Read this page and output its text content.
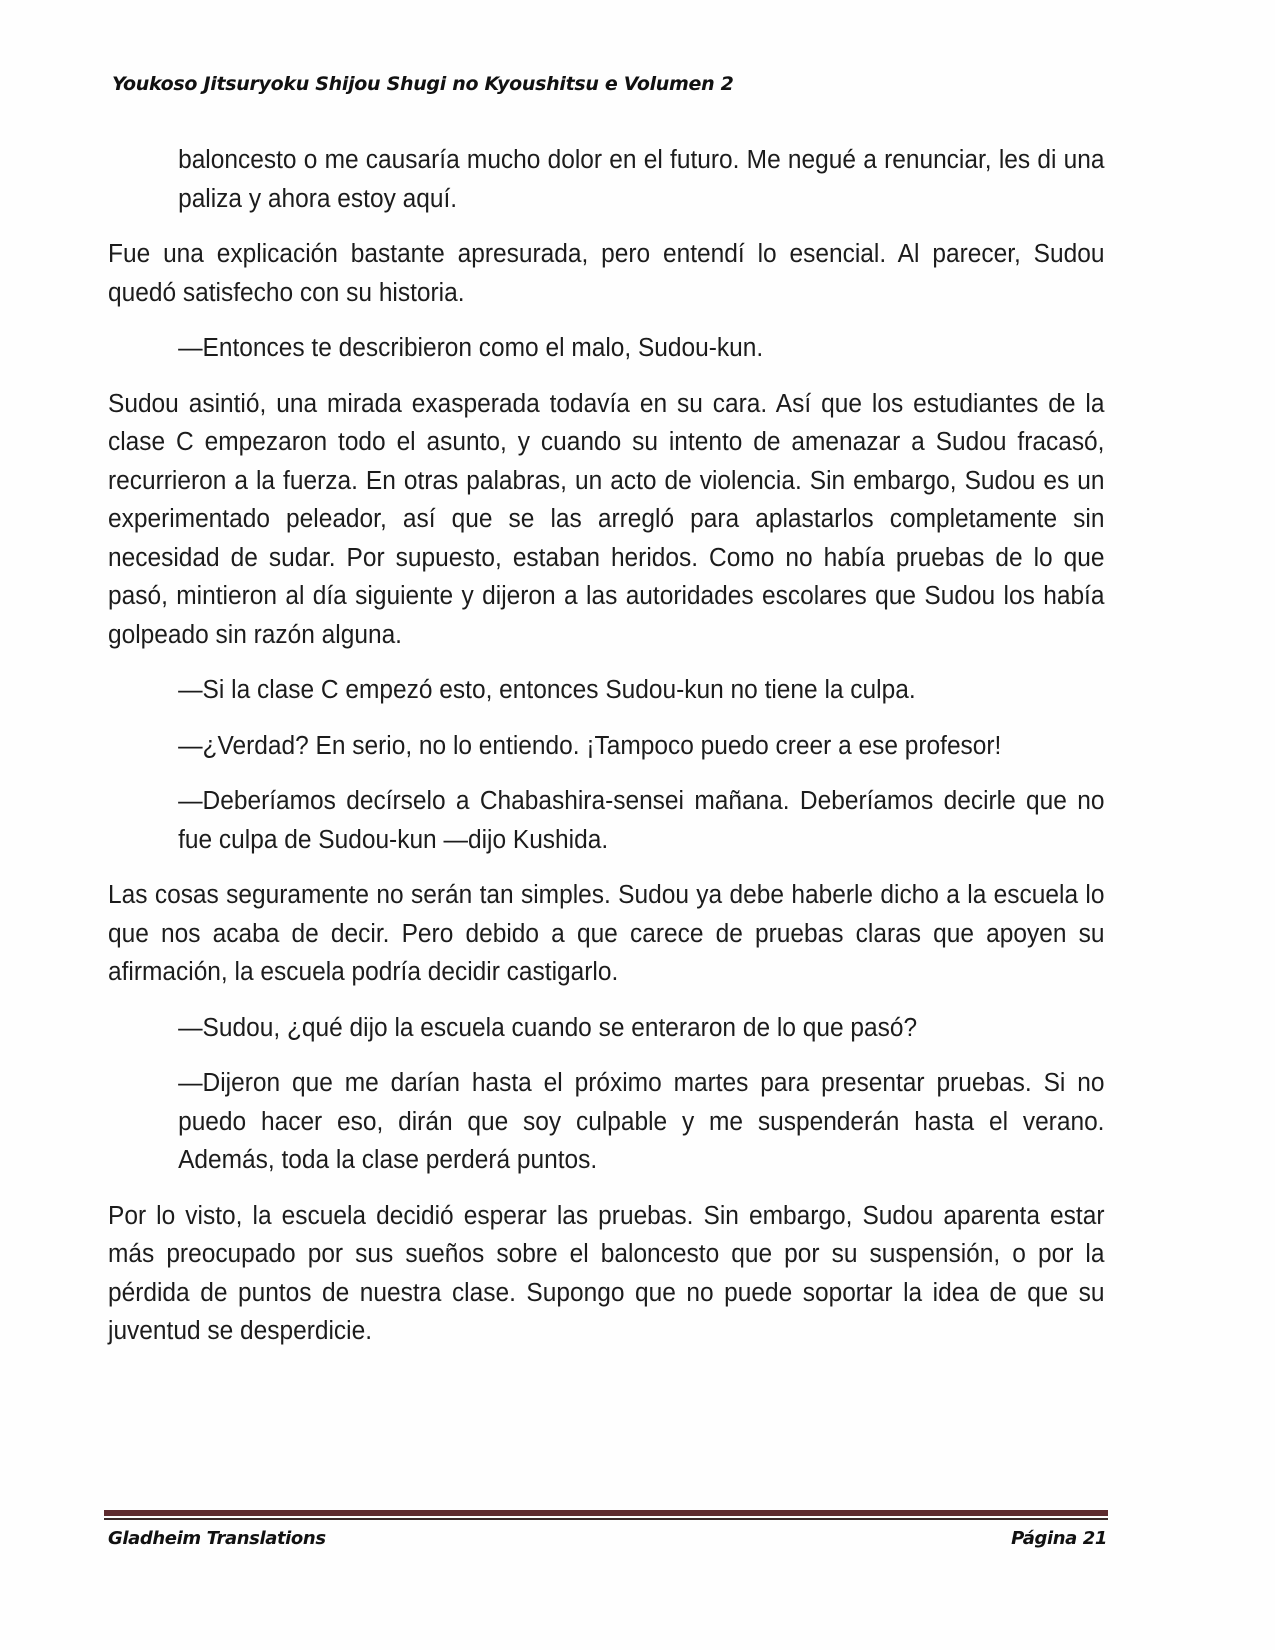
Youkoso Jitsuryoku Shijou Shugi no Kyoushitsu e Volumen 2

baloncesto o me causaría mucho dolor en el futuro. Me negué a renunciar, les di una paliza y ahora estoy aquí.

Fue una explicación bastante apresurada, pero entendí lo esencial. Al parecer, Sudou quedó satisfecho con su historia.

—Entonces te describieron como el malo, Sudou-kun.

Sudou asintió, una mirada exasperada todavía en su cara. Así que los estudiantes de la clase C empezaron todo el asunto, y cuando su intento de amenazar a Sudou fracasó, recurrieron a la fuerza. En otras palabras, un acto de violencia. Sin embargo, Sudou es un experimentado peleador, así que se las arregló para aplastarlos completamente sin necesidad de sudar. Por supuesto, estaban heridos. Como no había pruebas de lo que pasó, mintieron al día siguiente y dijeron a las autoridades escolares que Sudou los había golpeado sin razón alguna.

—Si la clase C empezó esto, entonces Sudou-kun no tiene la culpa.

—¿Verdad? En serio, no lo entiendo. ¡Tampoco puedo creer a ese profesor!

—Deberíamos decírselo a Chabashira-sensei mañana. Deberíamos decirle que no fue culpa de Sudou-kun —dijo Kushida.

Las cosas seguramente no serán tan simples. Sudou ya debe haberle dicho a la escuela lo que nos acaba de decir. Pero debido a que carece de pruebas claras que apoyen su afirmación, la escuela podría decidir castigarlo.

—Sudou, ¿qué dijo la escuela cuando se enteraron de lo que pasó?

—Dijeron que me darían hasta el próximo martes para presentar pruebas. Si no puedo hacer eso, dirán que soy culpable y me suspenderán hasta el verano. Además, toda la clase perderá puntos.

Por lo visto, la escuela decidió esperar las pruebas. Sin embargo, Sudou aparenta estar más preocupado por sus sueños sobre el baloncesto que por su suspensión, o por la pérdida de puntos de nuestra clase. Supongo que no puede soportar la idea de que su juventud se desperdicie.

Gladheim Translations	Página 21
